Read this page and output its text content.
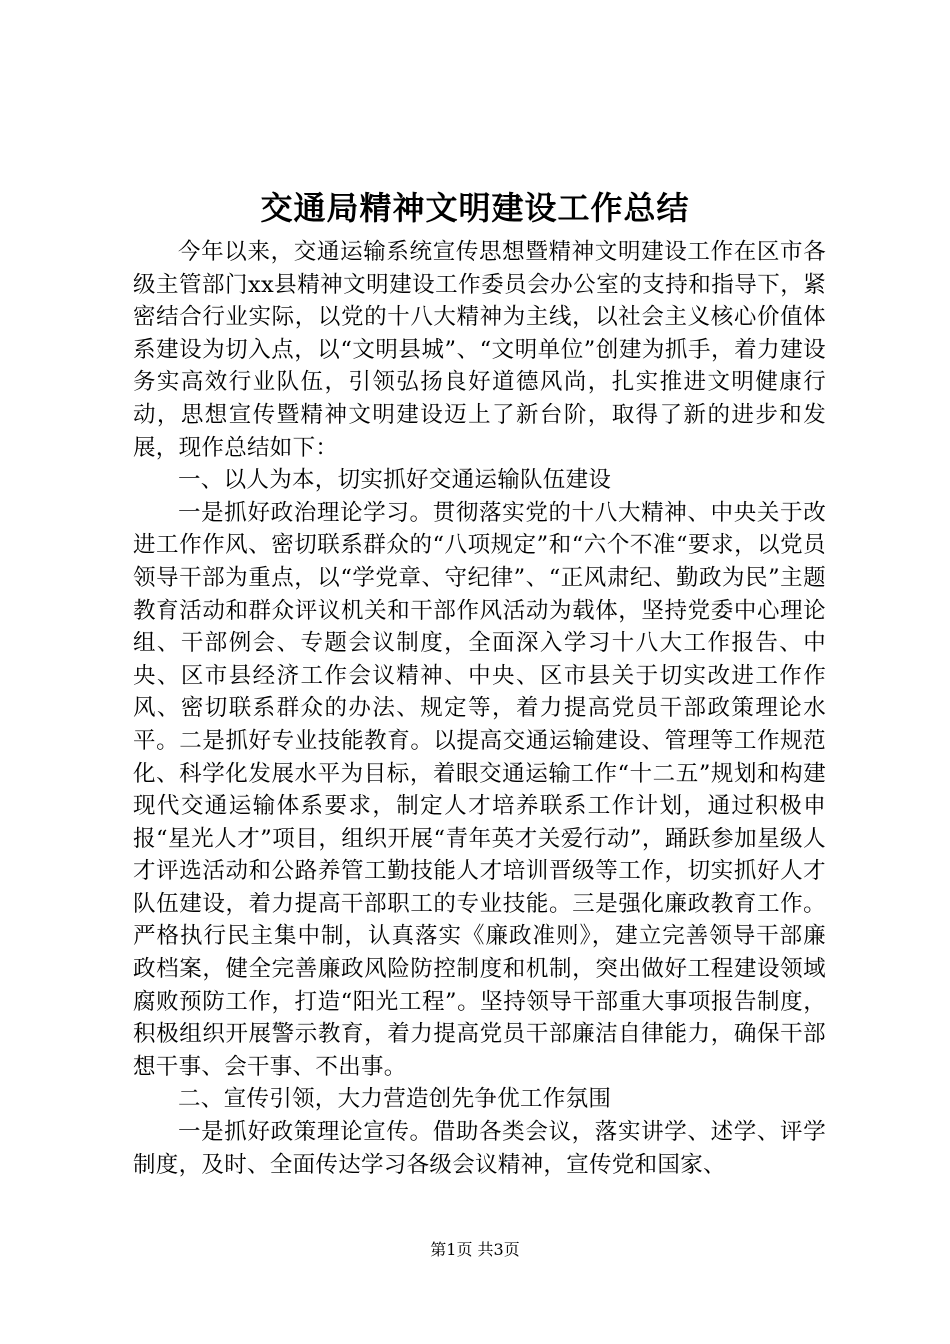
交通局精神文明建设工作总结

今年以来，交通运输系统宣传思想暨精神文明建设工作在区市各级主管部门xx县精神文明建设工作委员会办公室的支持和指导下，紧密结合行业实际，以党的十八大精神为主线，以社会主义核心价值体系建设为切入点，以“文明县城”、“文明单位”创建为抓手，着力建设务实高效行业队伍，引领弘扬良好道德风尚，扎实推进文明健康行动，思想宣传暨精神文明建设迈上了新台阶，取得了新的进步和发展，现作总结如下：

一、以人为本，切实抓好交通运输队伍建设

一是抓好政治理论学习。贯彻落实党的十八大精神、中央关于改进工作作风、密切联系群众的“八项规定”和“六个不准“要求，以党员领导干部为重点，以“学党章、守纪律”、“正风肃纪、勤政为民”主题教育活动和群众评议机关和干部作风活动为载体，坚持党委中心理论组、干部例会、专题会议制度，全面深入学习十八大工作报告、中央、区市县经济工作会议精神、中央、区市县关于切实改进工作作风、密切联系群众的办法、规定等，着力提高党员干部政策理论水平。二是抓好专业技能教育。以提高交通运输建设、管理等工作规范化、科学化发展水平为目标，着眼交通运输工作“十二五”规划和构建现代交通运输体系要求，制定人才培养联系工作计划，通过积极申报“星光人才”项目，组织开展“青年英才关爱行动”，踊跃参加星级人才评选活动和公路养管工勤技能人才培训晋级等工作，切实抓好人才队伍建设，着力提高干部职工的专业技能。三是强化廉政教育工作。严格执行民主集中制，认真落实《廉政准则》，建立完善领导干部廉政档案，健全完善廉政风险防控制度和机制，突出做好工程建设领域腐败预防工作，打造“阳光工程”。坚持领导干部重大事项报告制度，积极组织开展警示教育，着力提高党员干部廉洁自律能力，确保干部想干事、会干事、不出事。

二、宣传引领，大力营造创先争优工作氛围

一是抓好政策理论宣传。借助各类会议，落实讲学、述学、评学制度，及时、全面传达学习各级会议精神，宣传党和国家、

第1页 共3页
